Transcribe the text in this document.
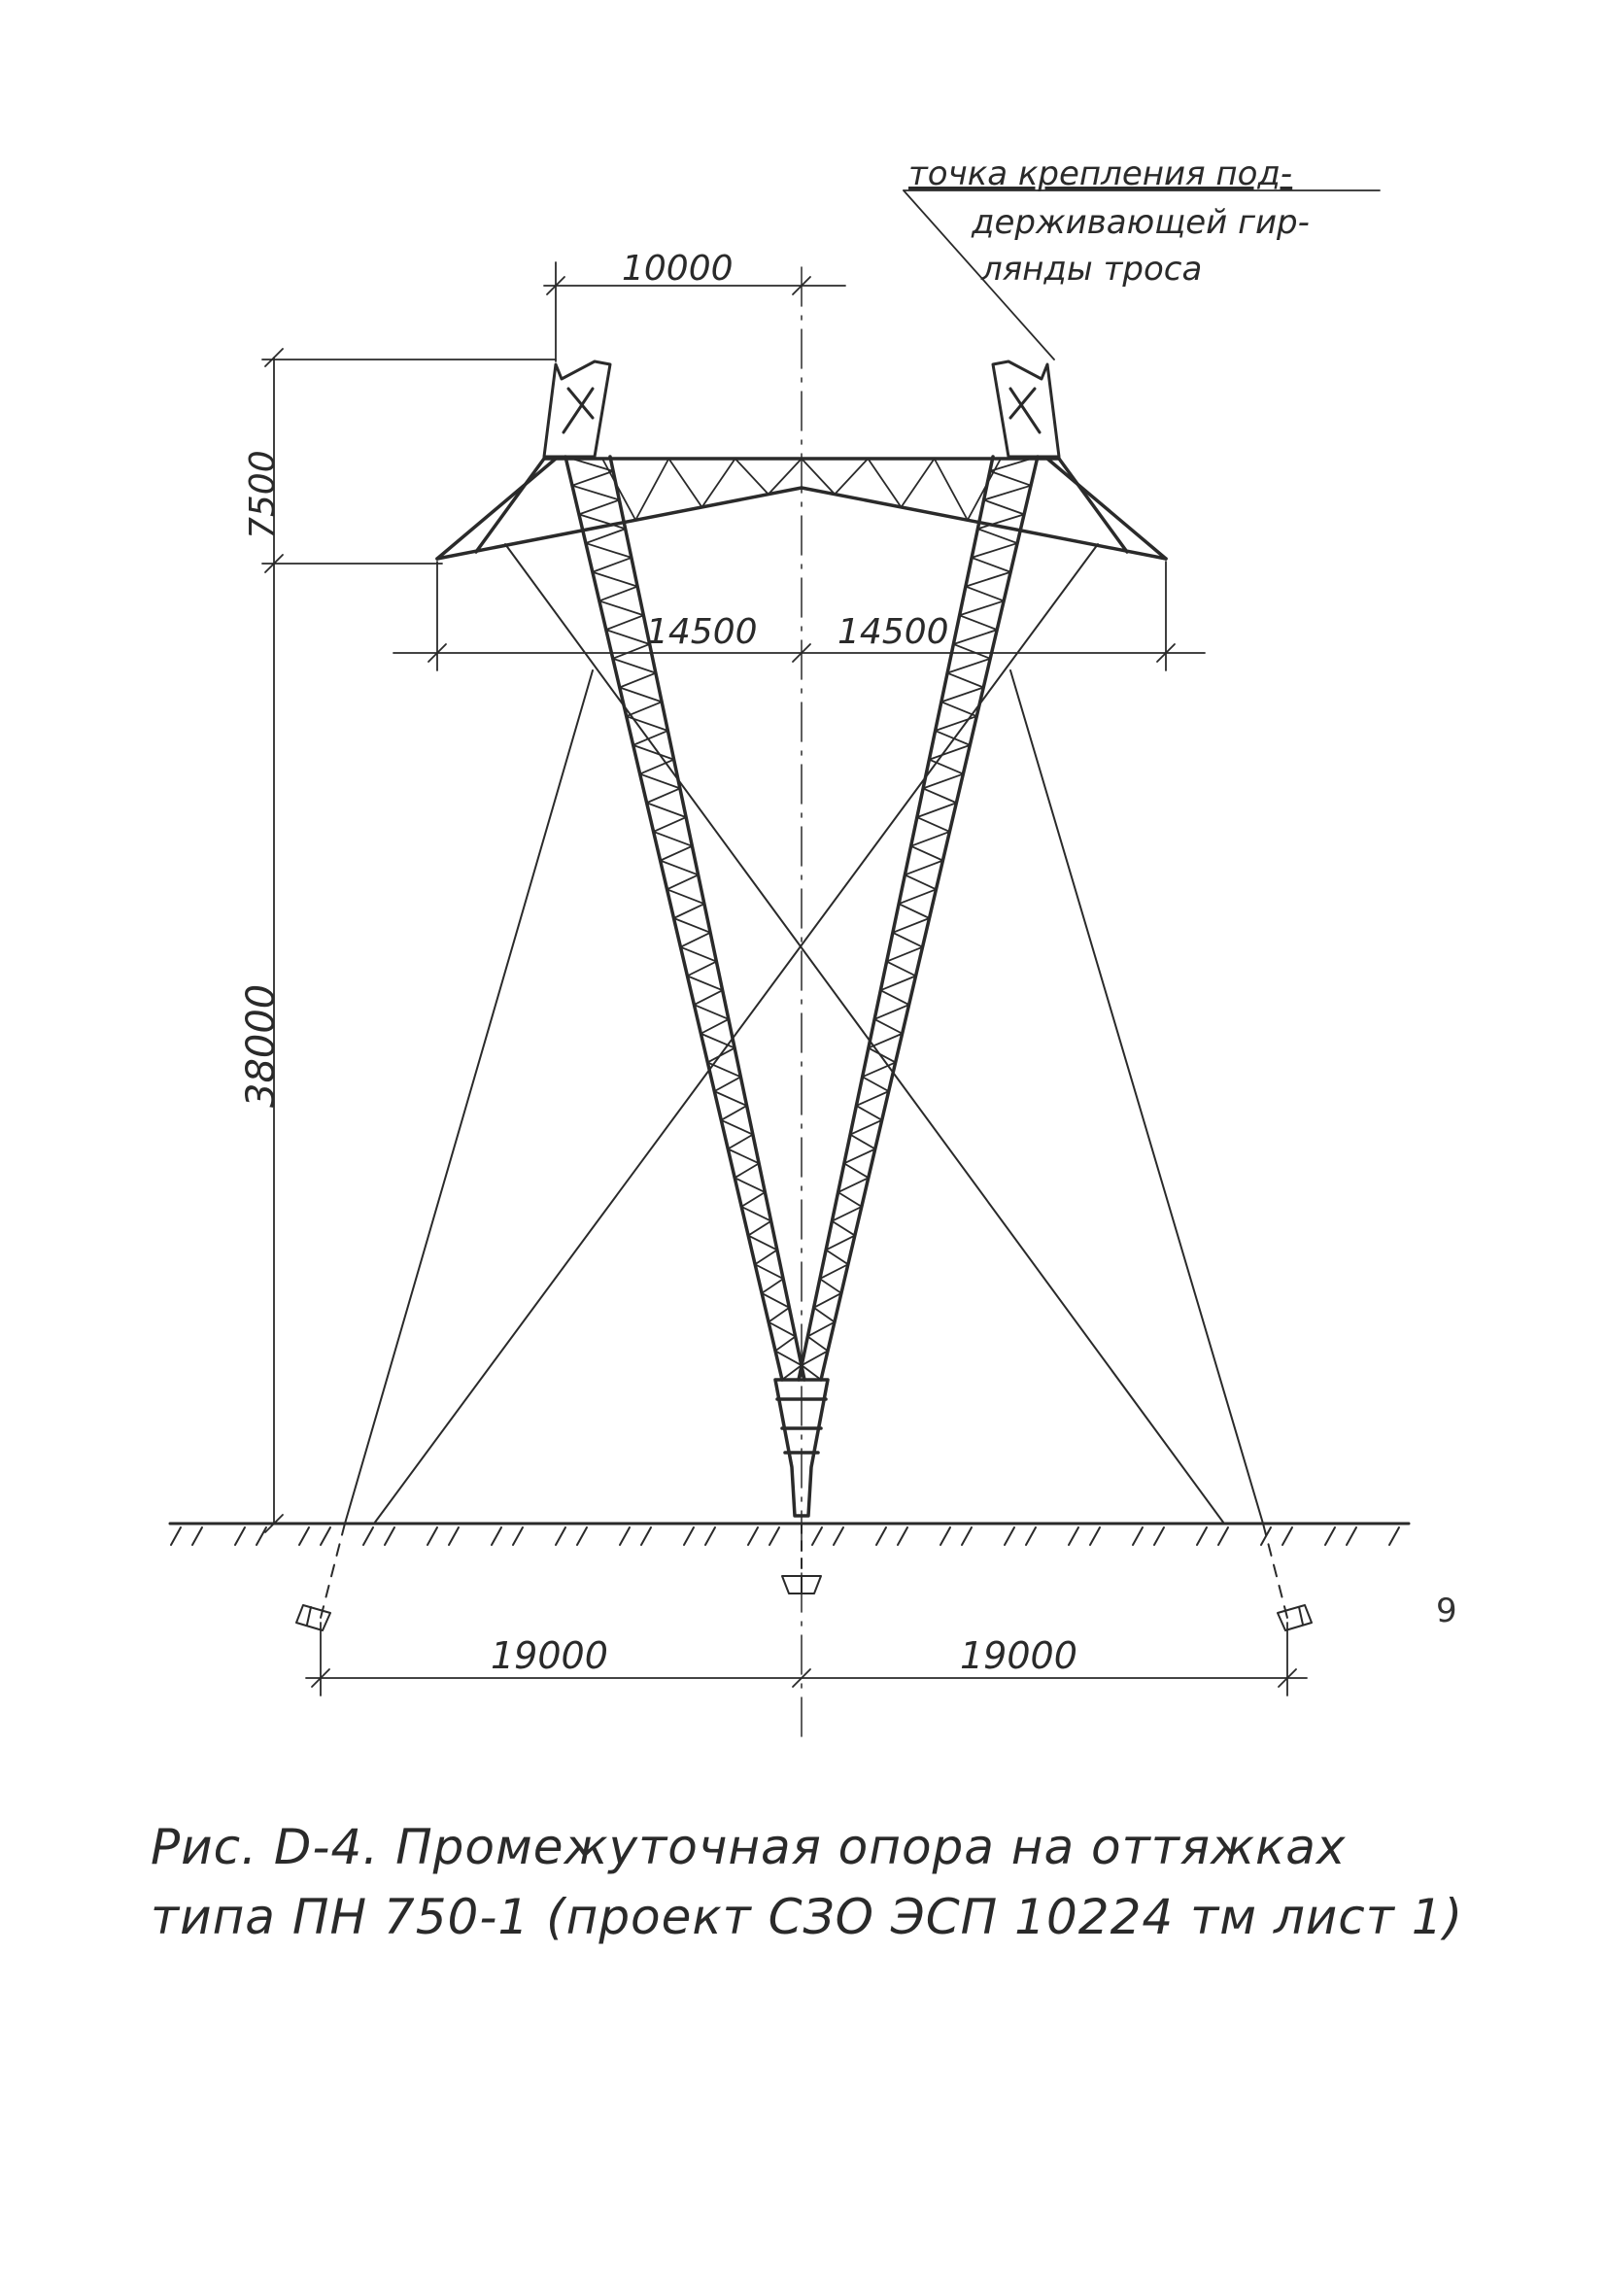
точка крепления под-
держивающей гир-
лянды троса
10000
7500
38000
14500 14500
19000	19000
Рис. D-4. Промежуточная опора на оттяжках
типа ПН 750-1 (проект СЗО ЭСП 10224 тм лист 1)
9
